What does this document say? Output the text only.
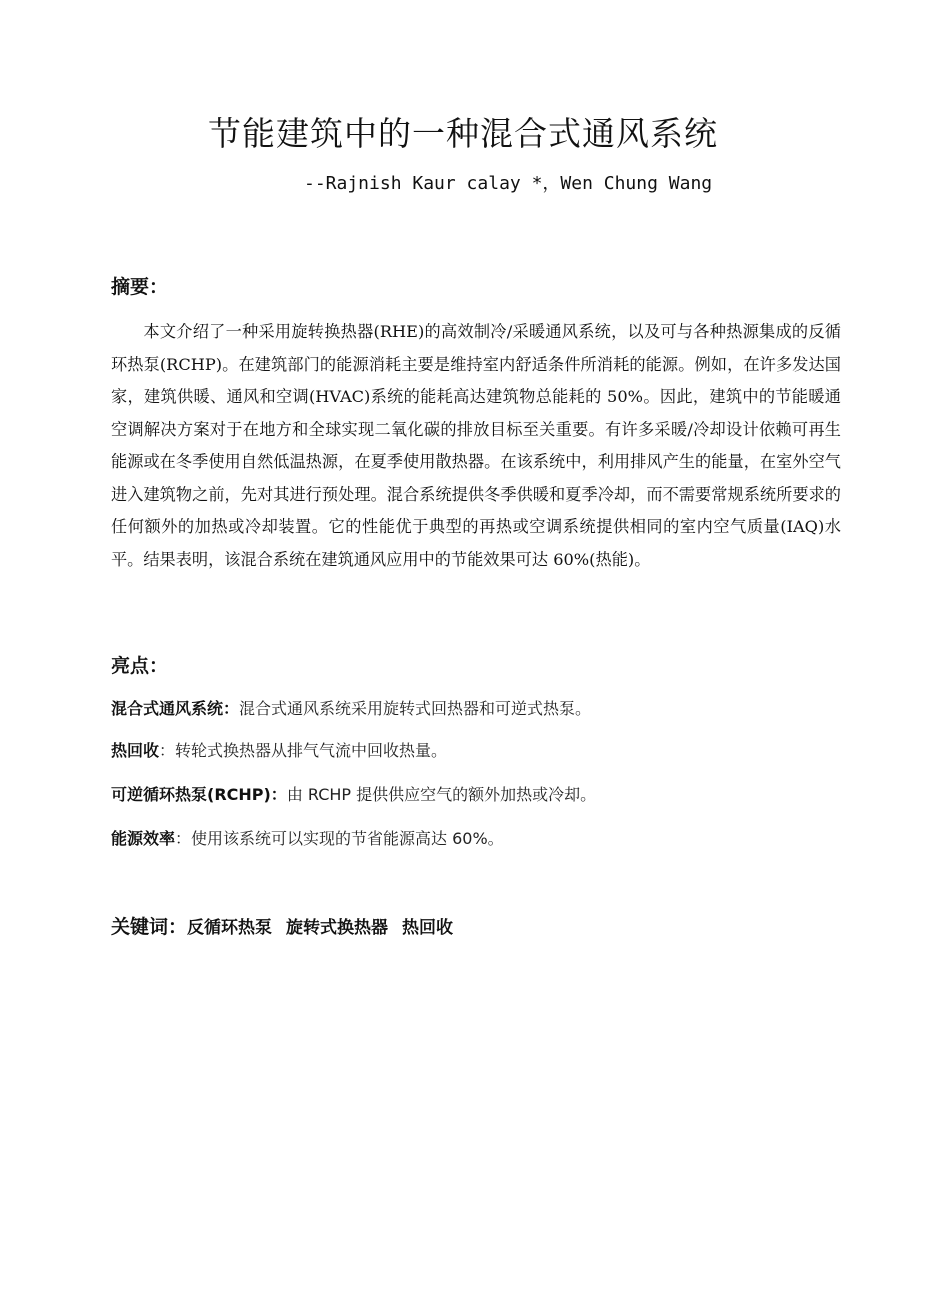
节能建筑中的一种混合式通风系统
--Rajnish Kaur calay *，Wen Chung Wang
摘要：
本文介绍了一种采用旋转换热器(RHE)的高效制冷/采暖通风系统，以及可与各种热源集成的反循环热泵(RCHP)。在建筑部门的能源消耗主要是维持室内舒适条件所消耗的能源。例如，在许多发达国家，建筑供暖、通风和空调(HVAC)系统的能耗高达建筑物总能耗的 50%。因此，建筑中的节能暖通空调解决方案对于在地方和全球实现二氧化碳的排放目标至关重要。有许多采暖/冷却设计依赖可再生能源或在冬季使用自然低温热源，在夏季使用散热器。在该系统中，利用排风产生的能量，在室外空气进入建筑物之前，先对其进行预处理。混合系统提供冬季供暖和夏季冷却，而不需要常规系统所要求的任何额外的加热或冷却装置。它的性能优于典型的再热或空调系统提供相同的室内空气质量(IAQ)水平。结果表明，该混合系统在建筑通风应用中的节能效果可达 60%(热能)。
亮点：
混合式通风系统：混合式通风系统采用旋转式回热器和可逆式热泵。
热回收：转轮式换热器从排气气流中回收热量。
可逆循环热泵(RCHP)：由 RCHP 提供供应空气的额外加热或冷却。
能源效率：使用该系统可以实现的节省能源高达 60%。
关键词：反循环热泵 旋转式换热器 热回收
